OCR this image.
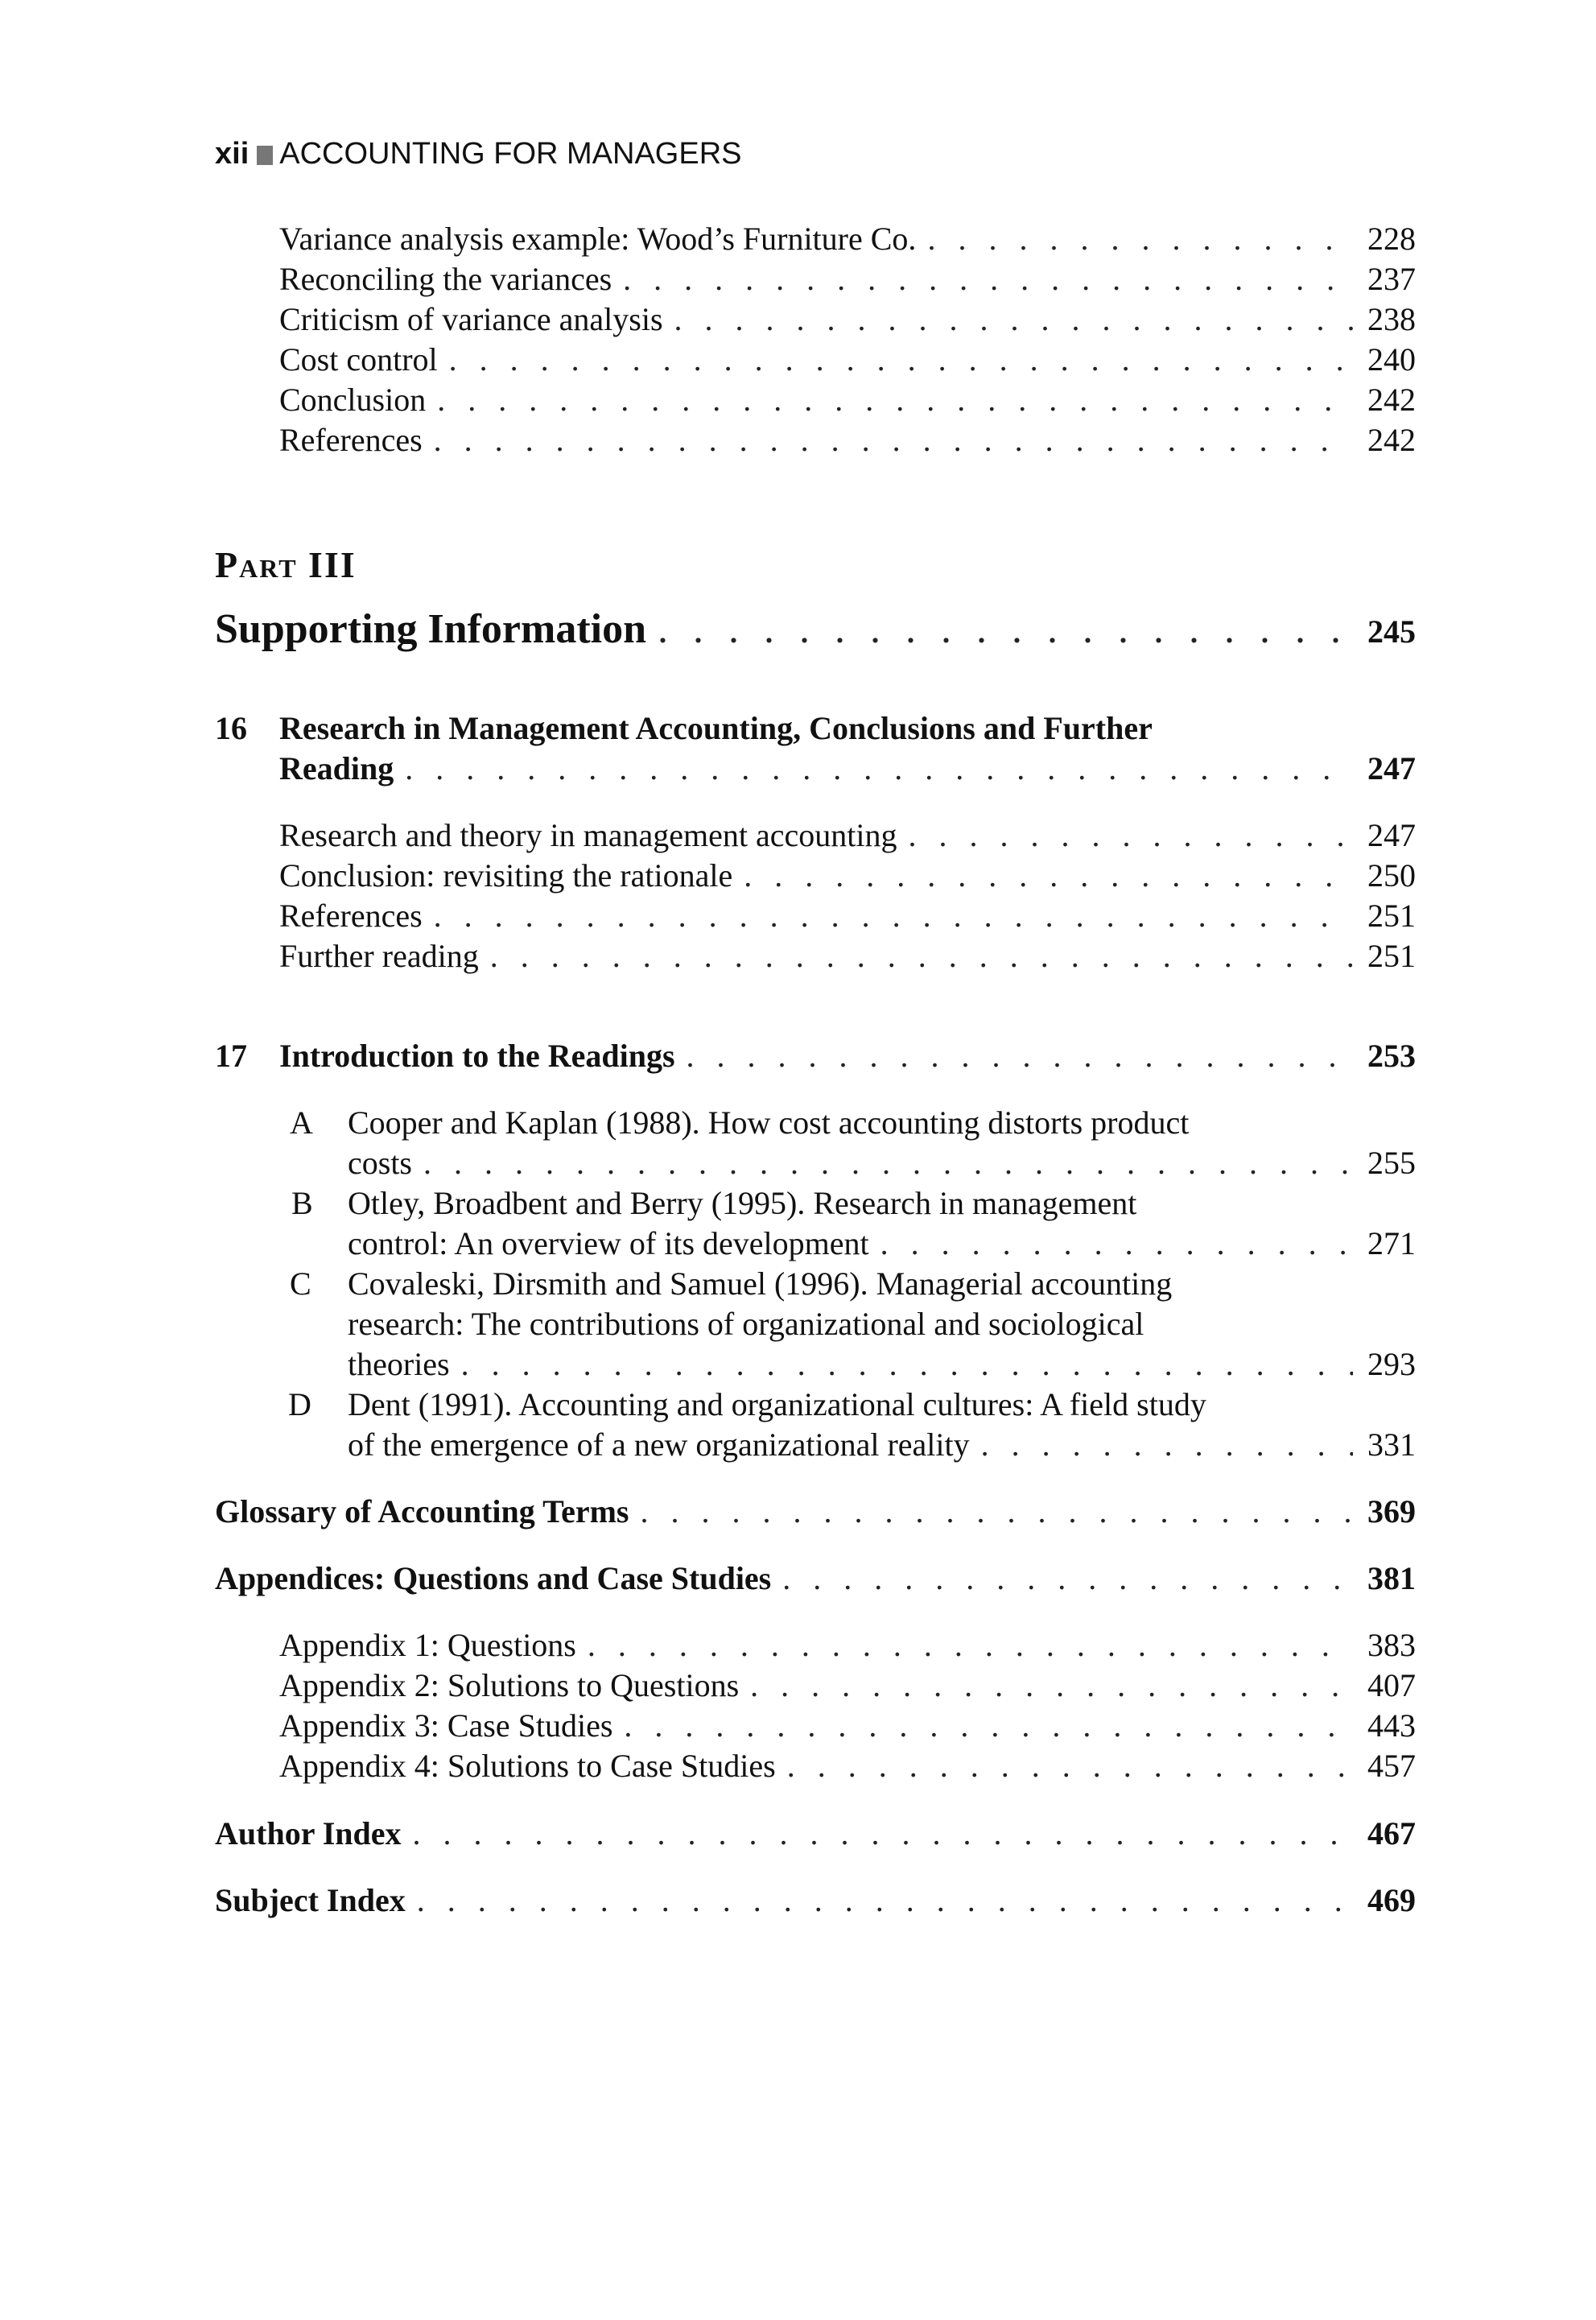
xii ACCOUNTING FOR MANAGERS
Variance analysis example: Wood’s Furniture Co. . . .	228
Reconciling the variances . . .	237
Criticism of variance analysis . . .	238
Cost control . . .	240
Conclusion . . .	242
References . . .	242
Part III
Supporting Information . . .	245
16 Research in Management Accounting, Conclusions and Further
Reading . . .	247
Research and theory in management accounting . . .	247
Conclusion: revisiting the rationale . . .	250
References . . .	251
Further reading . . .	251
17 Introduction to the Readings . . .	253
A Cooper and Kaplan (1988). How cost accounting distorts product
costs . . .	255
B Otley, Broadbent and Berry (1995). Research in management
control: An overview of its development . . .	271
C Covaleski, Dirsmith and Samuel (1996). Managerial accounting
research: The contributions of organizational and sociological
theories . . .	293
D Dent (1991). Accounting and organizational cultures: A field study
of the emergence of a new organizational reality . . .	331
Glossary of Accounting Terms . . .	369
Appendices: Questions and Case Studies . . .	381
Appendix 1: Questions . . .	383
Appendix 2: Solutions to Questions . . .	407
Appendix 3: Case Studies . . .	443
Appendix 4: Solutions to Case Studies . . .	457
Author Index . . .	467
Subject Index . . .	469
